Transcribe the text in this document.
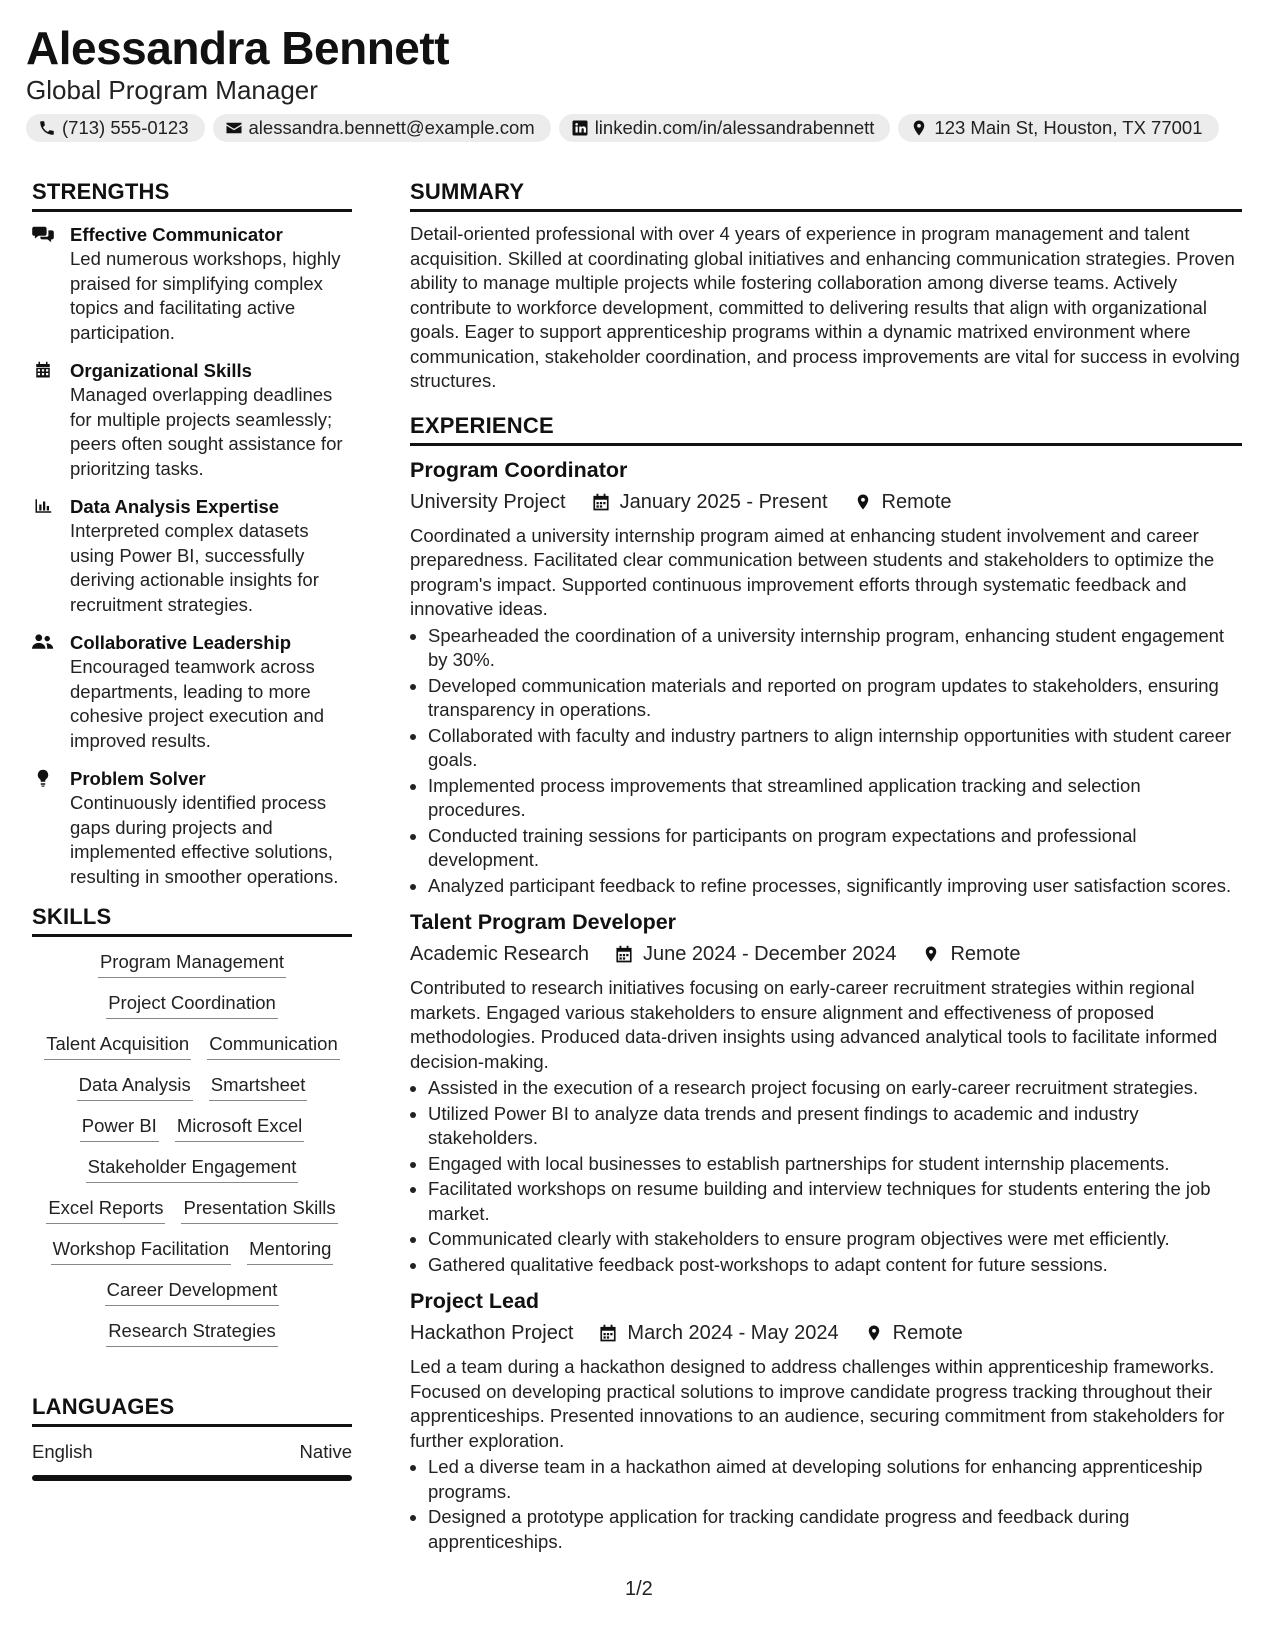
Alessandra Bennett
Global Program Manager
(713) 555-0123	alessandra.bennett@example.com	linkedin.com/in/alessandrabennett	123 Main St, Houston, TX 77001
STRENGTHS
Effective Communicator
Led numerous workshops, highly praised for simplifying complex topics and facilitating active participation.
Organizational Skills
Managed overlapping deadlines for multiple projects seamlessly; peers often sought assistance for prioritzing tasks.
Data Analysis Expertise
Interpreted complex datasets using Power BI, successfully deriving actionable insights for recruitment strategies.
Collaborative Leadership
Encouraged teamwork across departments, leading to more cohesive project execution and improved results.
Problem Solver
Continuously identified process gaps during projects and implemented effective solutions, resulting in smoother operations.
SKILLS
Program Management
Project Coordination
Talent Acquisition Communication
Data Analysis Smartsheet
Power BI Microsoft Excel
Stakeholder Engagement
Excel Reports Presentation Skills
Workshop Facilitation Mentoring
Career Development
Research Strategies
LANGUAGES
English	Native
SUMMARY

Detail-oriented professional with over 4 years of experience in program management and talent acquisition. Skilled at coordinating global initiatives and enhancing communication strategies. Proven ability to manage multiple projects while fostering collaboration among diverse teams. Actively contribute to workforce development, committed to delivering results that align with organizational goals. Eager to support apprenticeship programs within a dynamic matrixed environment where communication, stakeholder coordination, and process improvements are vital for success in evolving structures.

EXPERIENCE
Program Coordinator
University Project	January 2025 - Present	Remote

Coordinated a university internship program aimed at enhancing student involvement and career preparedness. Facilitated clear communication between students and stakeholders to optimize the program's impact. Supported continuous improvement efforts through systematic feedback and innovative ideas.

• Spearheaded the coordination of a university internship program, enhancing student engagement by 30%.
• Developed communication materials and reported on program updates to stakeholders, ensuring transparency in operations.
• Collaborated with faculty and industry partners to align internship opportunities with student career goals.
• Implemented process improvements that streamlined application tracking and selection procedures.
• Conducted training sessions for participants on program expectations and professional development.
• Analyzed participant feedback to refine processes, significantly improving user satisfaction scores.
Talent Program Developer
Academic Research	June 2024 - December 2024	Remote

Contributed to research initiatives focusing on early-career recruitment strategies within regional markets. Engaged various stakeholders to ensure alignment and effectiveness of proposed methodologies. Produced data-driven insights using advanced analytical tools to facilitate informed decision-making.

• Assisted in the execution of a research project focusing on early-career recruitment strategies.
• Utilized Power BI to analyze data trends and present findings to academic and industry stakeholders.
• Engaged with local businesses to establish partnerships for student internship placements.
• Facilitated workshops on resume building and interview techniques for students entering the job market.
• Communicated clearly with stakeholders to ensure program objectives were met efficiently.
• Gathered qualitative feedback post-workshops to adapt content for future sessions.
Project Lead
Hackathon Project	March 2024 - May 2024	Remote

Led a team during a hackathon designed to address challenges within apprenticeship frameworks. Focused on developing practical solutions to improve candidate progress tracking throughout their apprenticeships. Presented innovations to an audience, securing commitment from stakeholders for further exploration.

• Led a diverse team in a hackathon aimed at developing solutions for enhancing apprenticeship programs.
• Designed a prototype application for tracking candidate progress and feedback during apprenticeships.
1/2
